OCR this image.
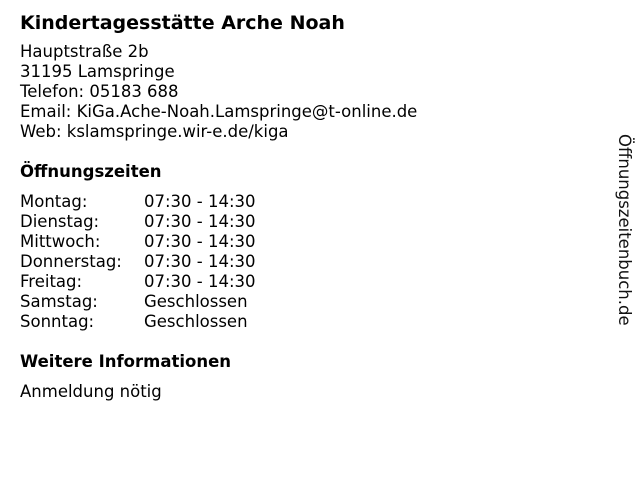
Kindertagesstätte Arche Noah
Hauptstraße 2b
31195 Lamspringe
Telefon: 05183 688
Email: KiGa.Ache-Noah.Lamspringe@t-online.de
Web: kslamspringe.wir-e.de/kiga
Öffnungszeiten
Montag:	07:30 - 14:30
Dienstag:	07:30 - 14:30
Mittwoch:	07:30 - 14:30
Donnerstag:	07:30 - 14:30
Freitag:	07:30 - 14:30
Samstag:	Geschlossen
Sonntag:	Geschlossen
Weitere Informationen
Anmeldung nötig
Öffnungszeitenbuch.de
